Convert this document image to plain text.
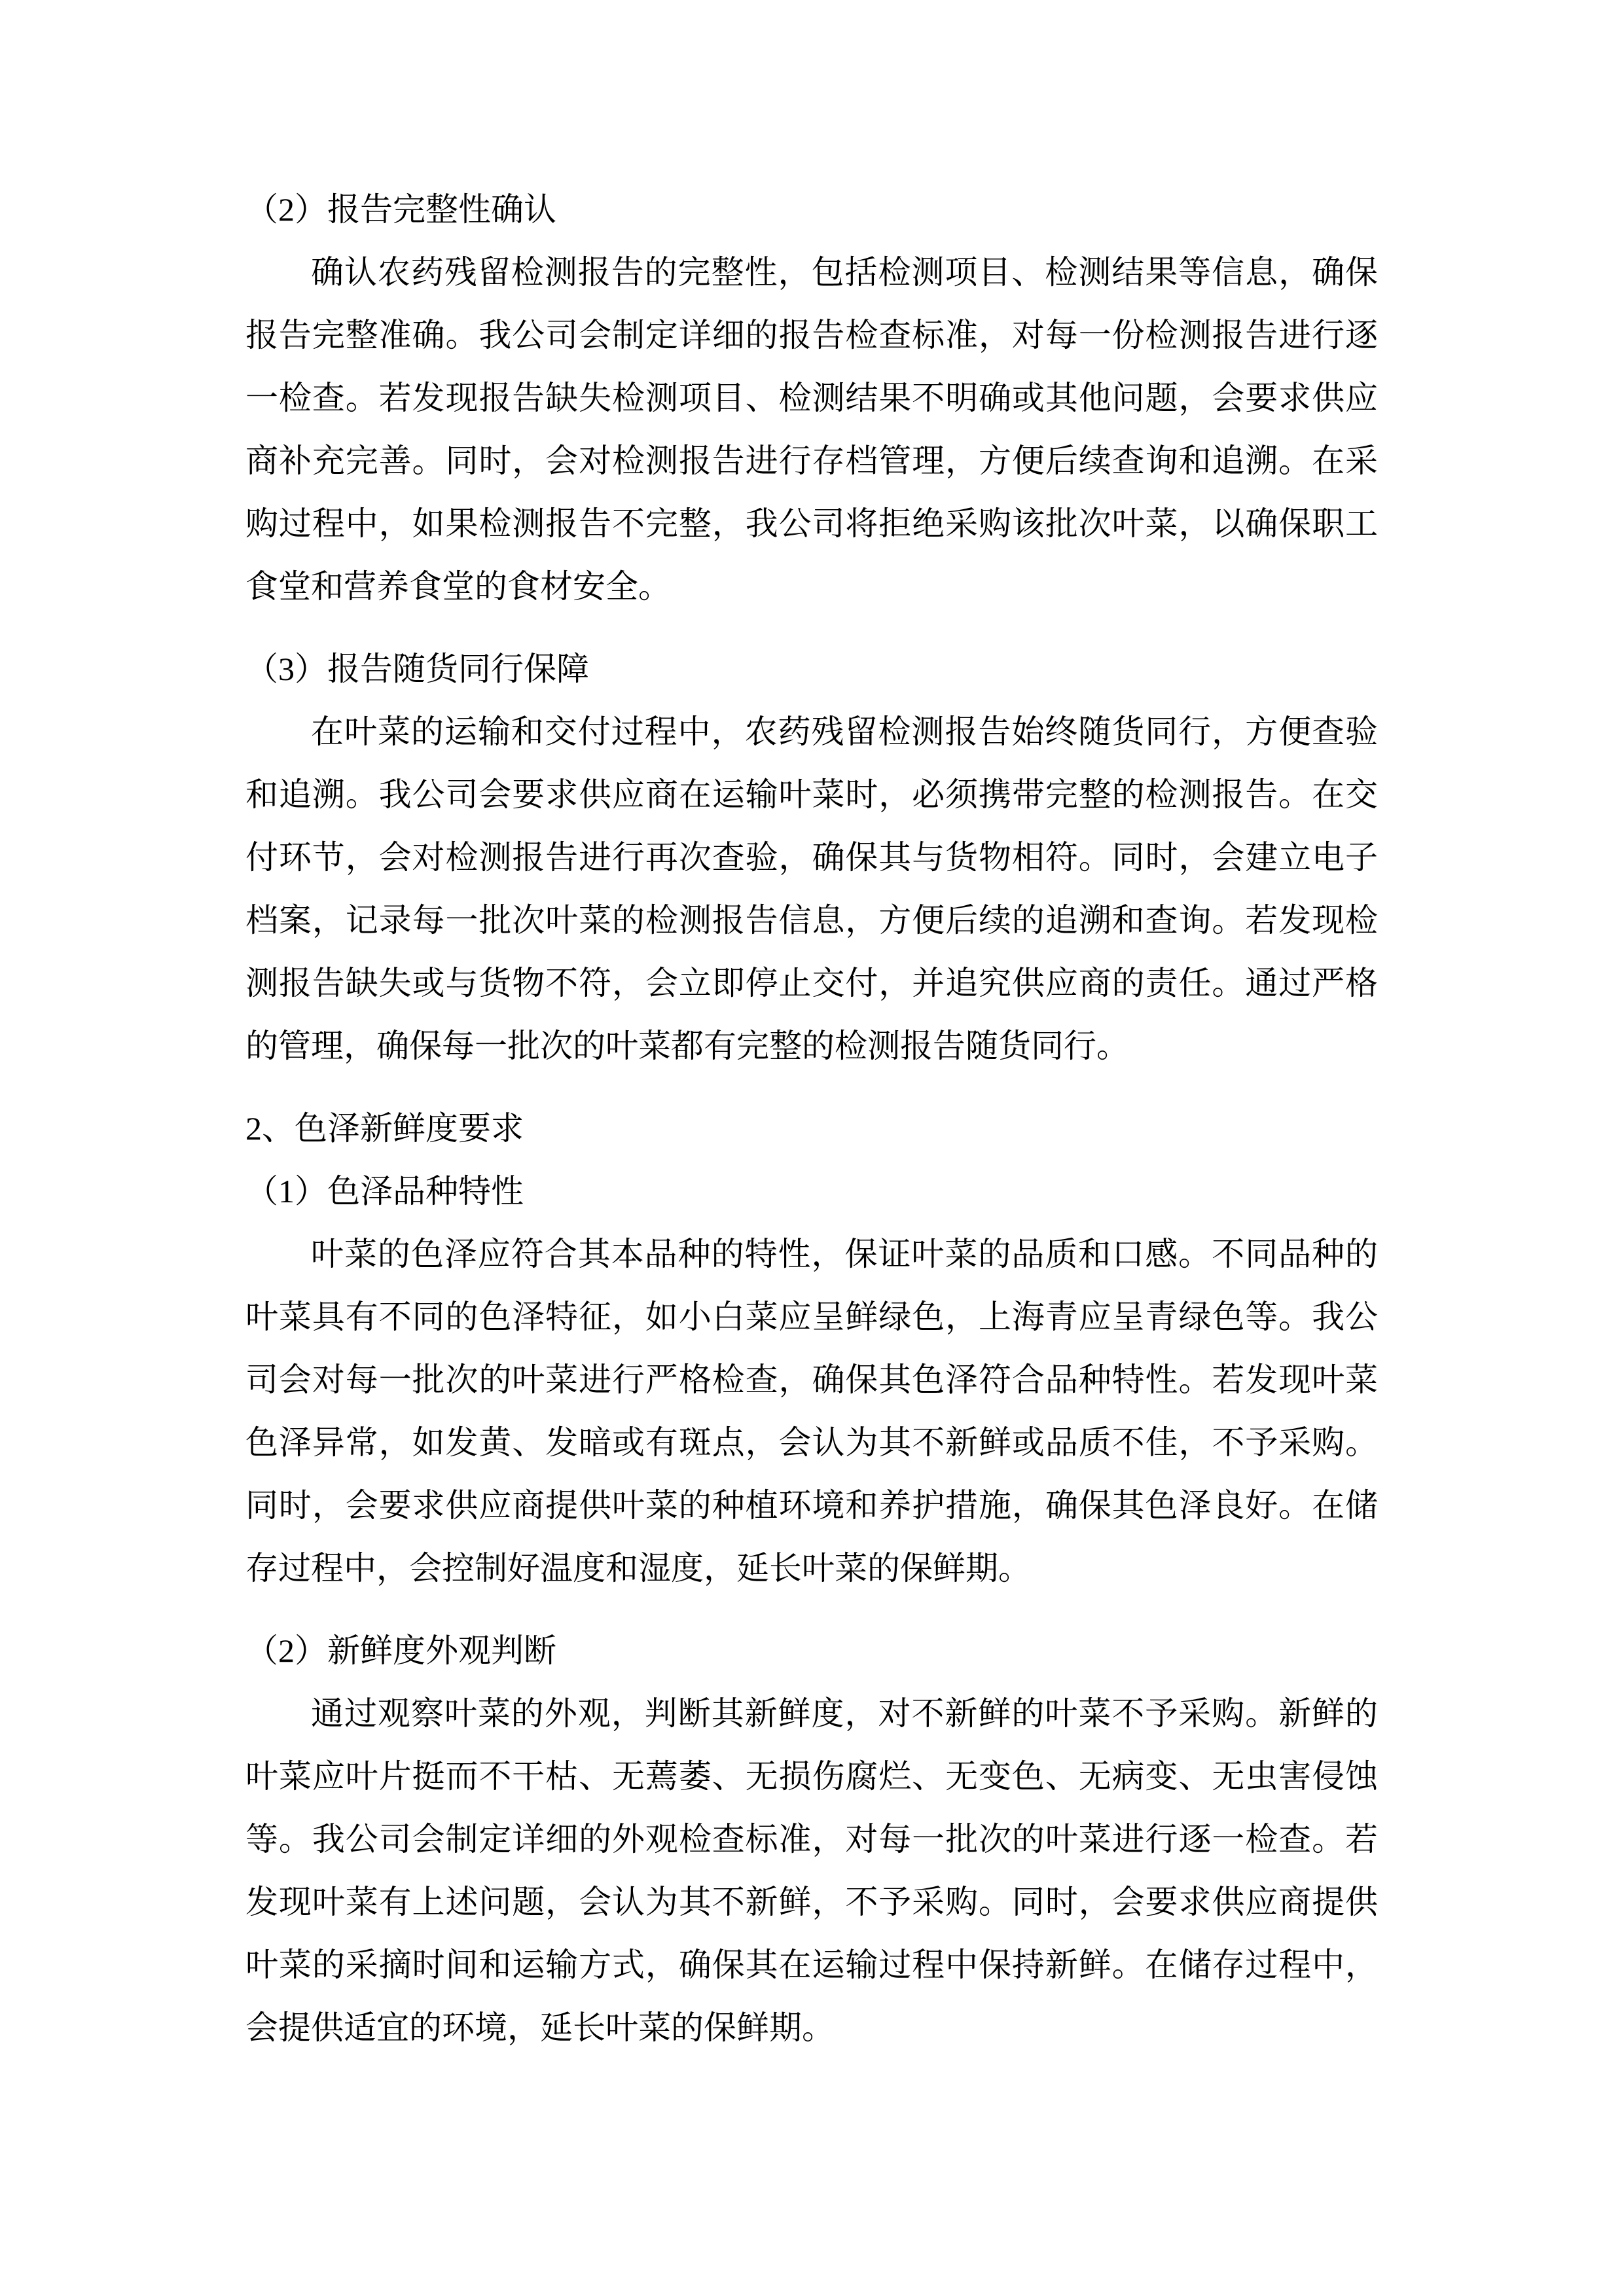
（2）报告完整性确认

确认农药残留检测报告的完整性，包括检测项目、检测结果等信息，确保报告完整准确。我公司会制定详细的报告检查标准，对每一份检测报告进行逐一检查。若发现报告缺失检测项目、检测结果不明确或其他问题，会要求供应商补充完善。同时，会对检测报告进行存档管理，方便后续查询和追溯。在采购过程中，如果检测报告不完整，我公司将拒绝采购该批次叶菜，以确保职工食堂和营养食堂的食材安全。

（3）报告随货同行保障

在叶菜的运输和交付过程中，农药残留检测报告始终随货同行，方便查验和追溯。我公司会要求供应商在运输叶菜时，必须携带完整的检测报告。在交付环节，会对检测报告进行再次查验，确保其与货物相符。同时，会建立电子档案，记录每一批次叶菜的检测报告信息，方便后续的追溯和查询。若发现检测报告缺失或与货物不符，会立即停止交付，并追究供应商的责任。通过严格的管理，确保每一批次的叶菜都有完整的检测报告随货同行。

2、色泽新鲜度要求
（1）色泽品种特性

叶菜的色泽应符合其本品种的特性，保证叶菜的品质和口感。不同品种的叶菜具有不同的色泽特征，如小白菜应呈鲜绿色，上海青应呈青绿色等。我公司会对每一批次的叶菜进行严格检查，确保其色泽符合品种特性。若发现叶菜色泽异常，如发黄、发暗或有斑点，会认为其不新鲜或品质不佳，不予采购。同时，会要求供应商提供叶菜的种植环境和养护措施，确保其色泽良好。在储存过程中，会控制好温度和湿度，延长叶菜的保鲜期。

（2）新鲜度外观判断

通过观察叶菜的外观，判断其新鲜度，对不新鲜的叶菜不予采购。新鲜的叶菜应叶片挺而不干枯、无蔫萎、无损伤腐烂、无变色、无病变、无虫害侵蚀等。我公司会制定详细的外观检查标准，对每一批次的叶菜进行逐一检查。若发现叶菜有上述问题，会认为其不新鲜，不予采购。同时，会要求供应商提供叶菜的采摘时间和运输方式，确保其在运输过程中保持新鲜。在储存过程中，会提供适宜的环境，延长叶菜的保鲜期。
